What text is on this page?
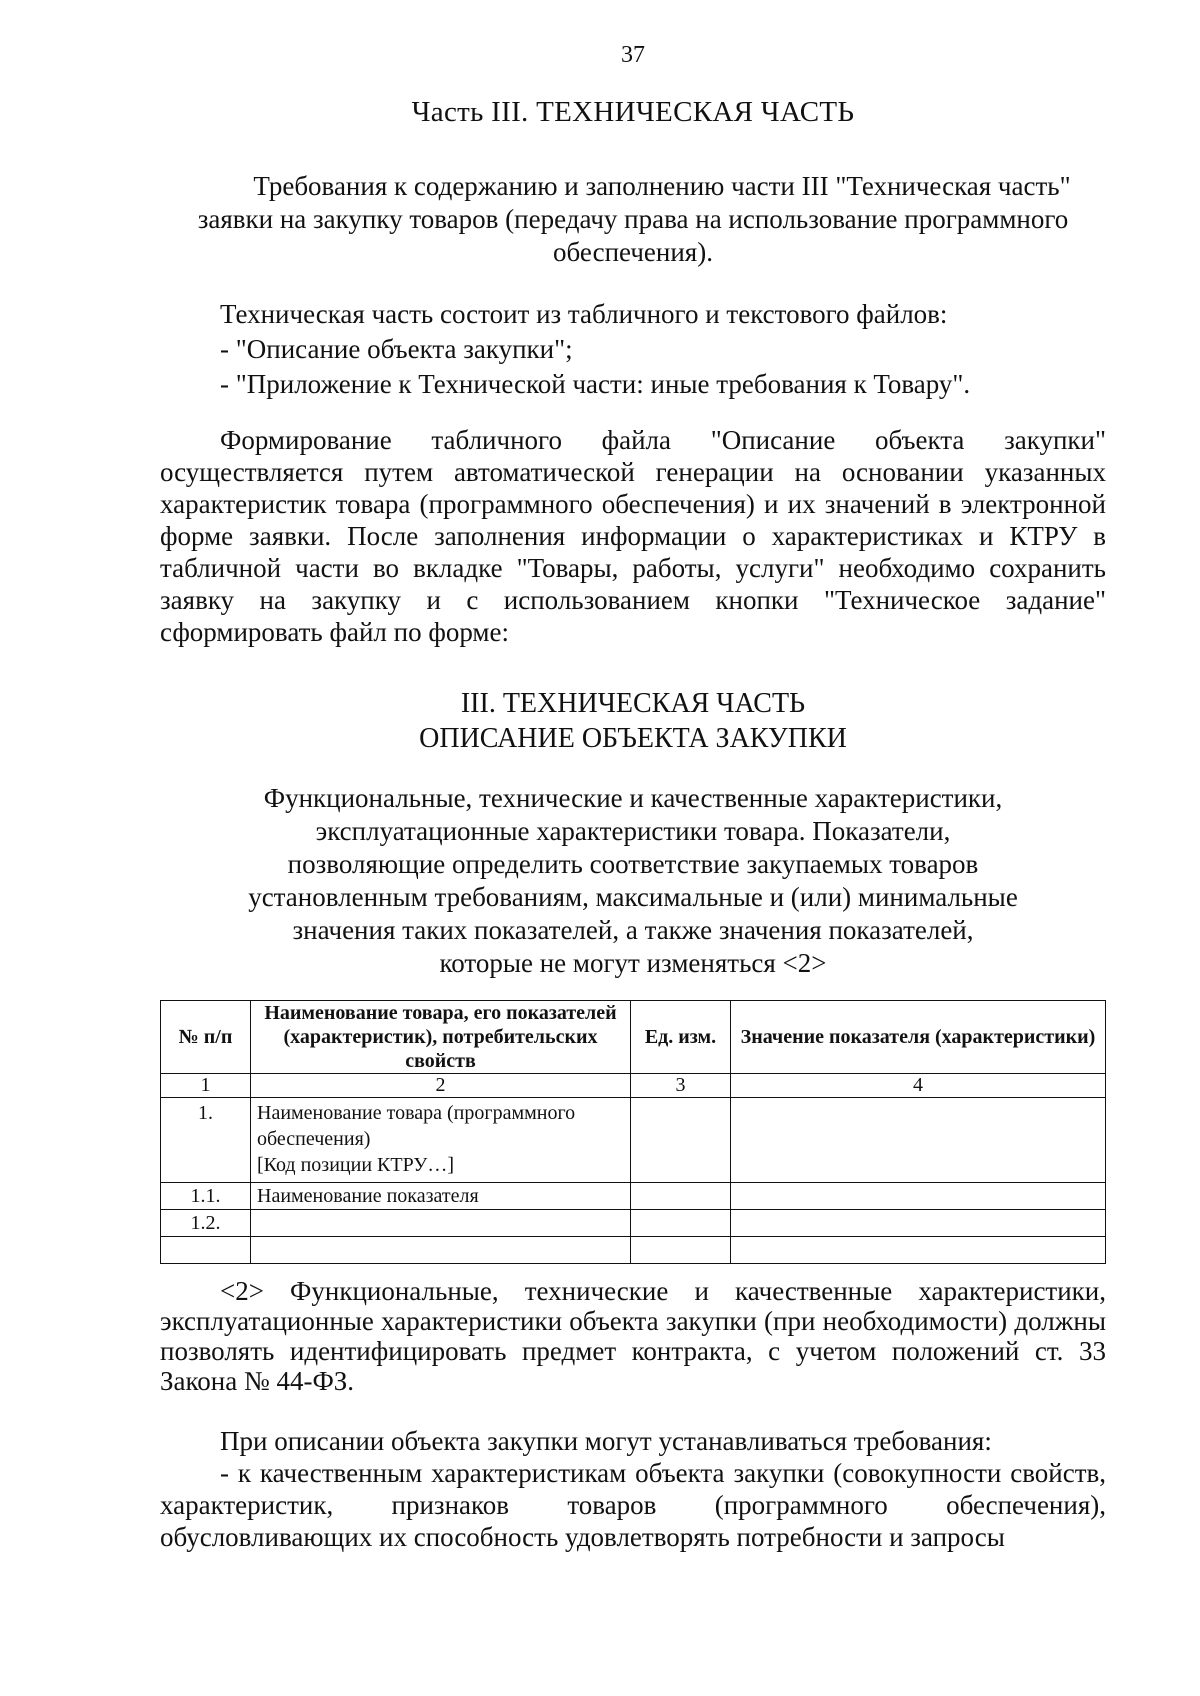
37
Часть III. ТЕХНИЧЕСКАЯ ЧАСТЬ
Требования к содержанию и заполнению части III "Техническая часть"
заявки на закупку товаров (передачу права на использование программного
обеспечения).
Техническая часть состоит из табличного и текстового файлов:
- "Описание объекта закупки";
- "Приложение к Технической части: иные требования к Товару".
Формирование табличного файла "Описание объекта закупки" осуществляется путем автоматической генерации на основании указанных характеристик товара (программного обеспечения) и их значений в электронной форме заявки. После заполнения информации о характеристиках и КТРУ в табличной части во вкладке "Товары, работы, услуги" необходимо сохранить заявку на закупку и с использованием кнопки "Техническое задание" сформировать файл по форме:
III. ТЕХНИЧЕСКАЯ ЧАСТЬ
ОПИСАНИЕ ОБЪЕКТА ЗАКУПКИ
Функциональные, технические и качественные характеристики,
эксплуатационные характеристики товара. Показатели,
позволяющие определить соответствие закупаемых товаров
установленным требованиям, максимальные и (или) минимальные
значения таких показателей, а также значения показателей,
которые не могут изменяться <2>
№ п/п	Наименование товара, его показателей (характеристик), потребительских свойств	Ед. изм.	Значение показателя (характеристики)
1	2	3	4
1.	Наименование товара (программного
обеспечения)
[Код позиции КТРУ…]		

1.1.	Наименование показателя		
1.2.			

<2> Функциональные, технические и качественные характеристики, эксплуатационные характеристики объекта закупки (при необходимости) должны позволять идентифицировать предмет контракта, с учетом положений ст. 33 Закона № 44-ФЗ.
При описании объекта закупки могут устанавливаться требования:
- к качественным характеристикам объекта закупки (совокупности свойств, характеристик, признаков товаров (программного обеспечения), обусловливающих их способность удовлетворять потребности и запросы
